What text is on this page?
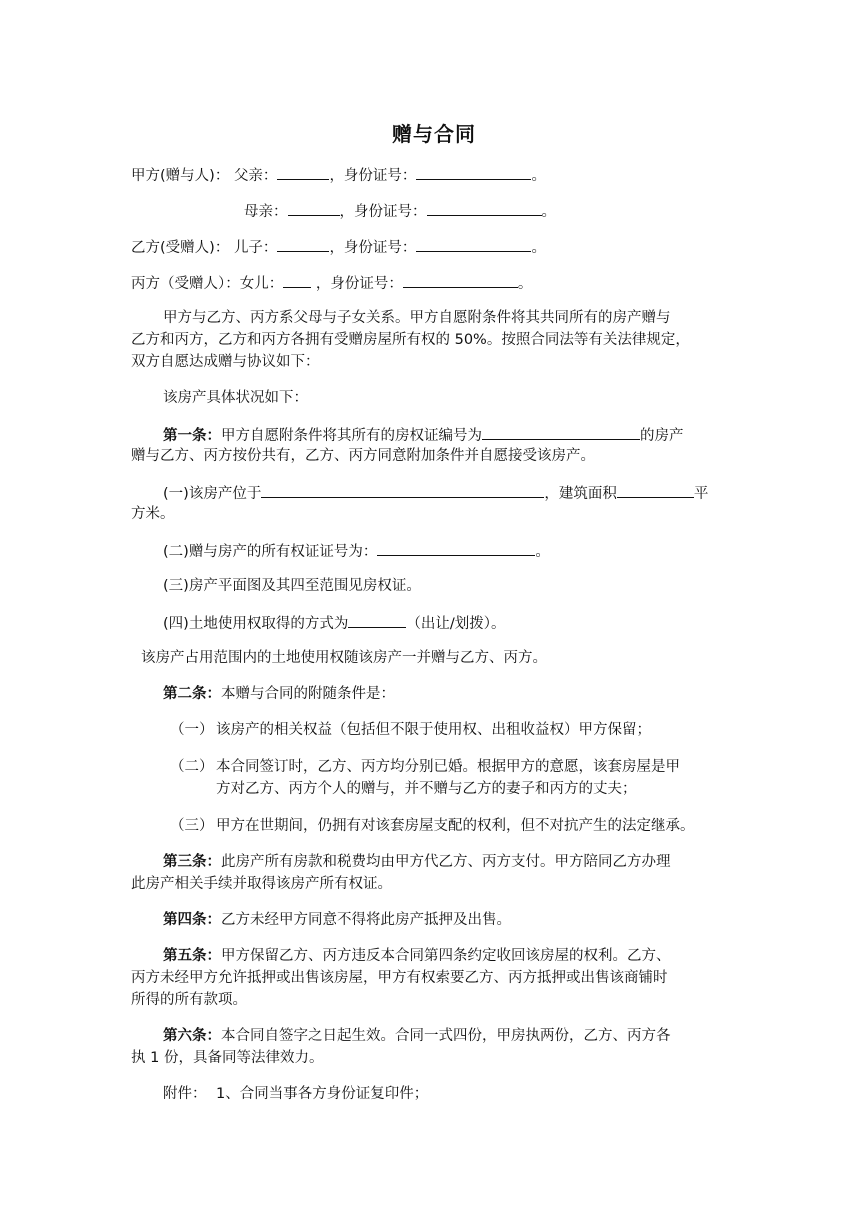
赠与合同
甲方(赠与人)： 父亲：	，身份证号：	。
母亲：	，身份证号：	。
乙方(受赠人)： 儿子：	，身份证号：	。
丙方（受赠人）：女儿： ，身份证号：	。
甲方与乙方、丙方系父母与子女关系。甲方自愿附条件将其共同所有的房产赠与
乙方和丙方，乙方和丙方各拥有受赠房屋所有权的 50%。按照合同法等有关法律规定，
双方自愿达成赠与协议如下：
该房产具体状况如下：
第一条：甲方自愿附条件将其所有的房权证编号为	的房产
赠与乙方、丙方按份共有，乙方、丙方同意附加条件并自愿接受该房产。
(一)该房产位于	，建筑面积	平
方米。
(二)赠与房产的所有权证证号为：	。
(三)房产平面图及其四至范围见房权证。
(四)土地使用权取得的方式为	（出让/划拨）。
该房产占用范围内的土地使用权随该房产一并赠与乙方、丙方。
第二条：本赠与合同的附随条件是：
（一） 该房产的相关权益（包括但不限于使用权、出租收益权）甲方保留；
（二） 本合同签订时，乙方、丙方均分别已婚。根据甲方的意愿，该套房屋是甲
方对乙方、丙方个人的赠与，并不赠与乙方的妻子和丙方的丈夫；
（三） 甲方在世期间，仍拥有对该套房屋支配的权利，但不对抗产生的法定继承。
第三条：此房产所有房款和税费均由甲方代乙方、丙方支付。甲方陪同乙方办理
此房产相关手续并取得该房产所有权证。
第四条：乙方未经甲方同意不得将此房产抵押及出售。
第五条：甲方保留乙方、丙方违反本合同第四条约定收回该房屋的权利。乙方、
丙方未经甲方允许抵押或出售该房屋，甲方有权索要乙方、丙方抵押或出售该商铺时
所得的所有款项。
第六条：本合同自签字之日起生效。合同一式四份，甲房执两份，乙方、丙方各
执 1 份，具备同等法律效力。
附件： 1、合同当事各方身份证复印件；
